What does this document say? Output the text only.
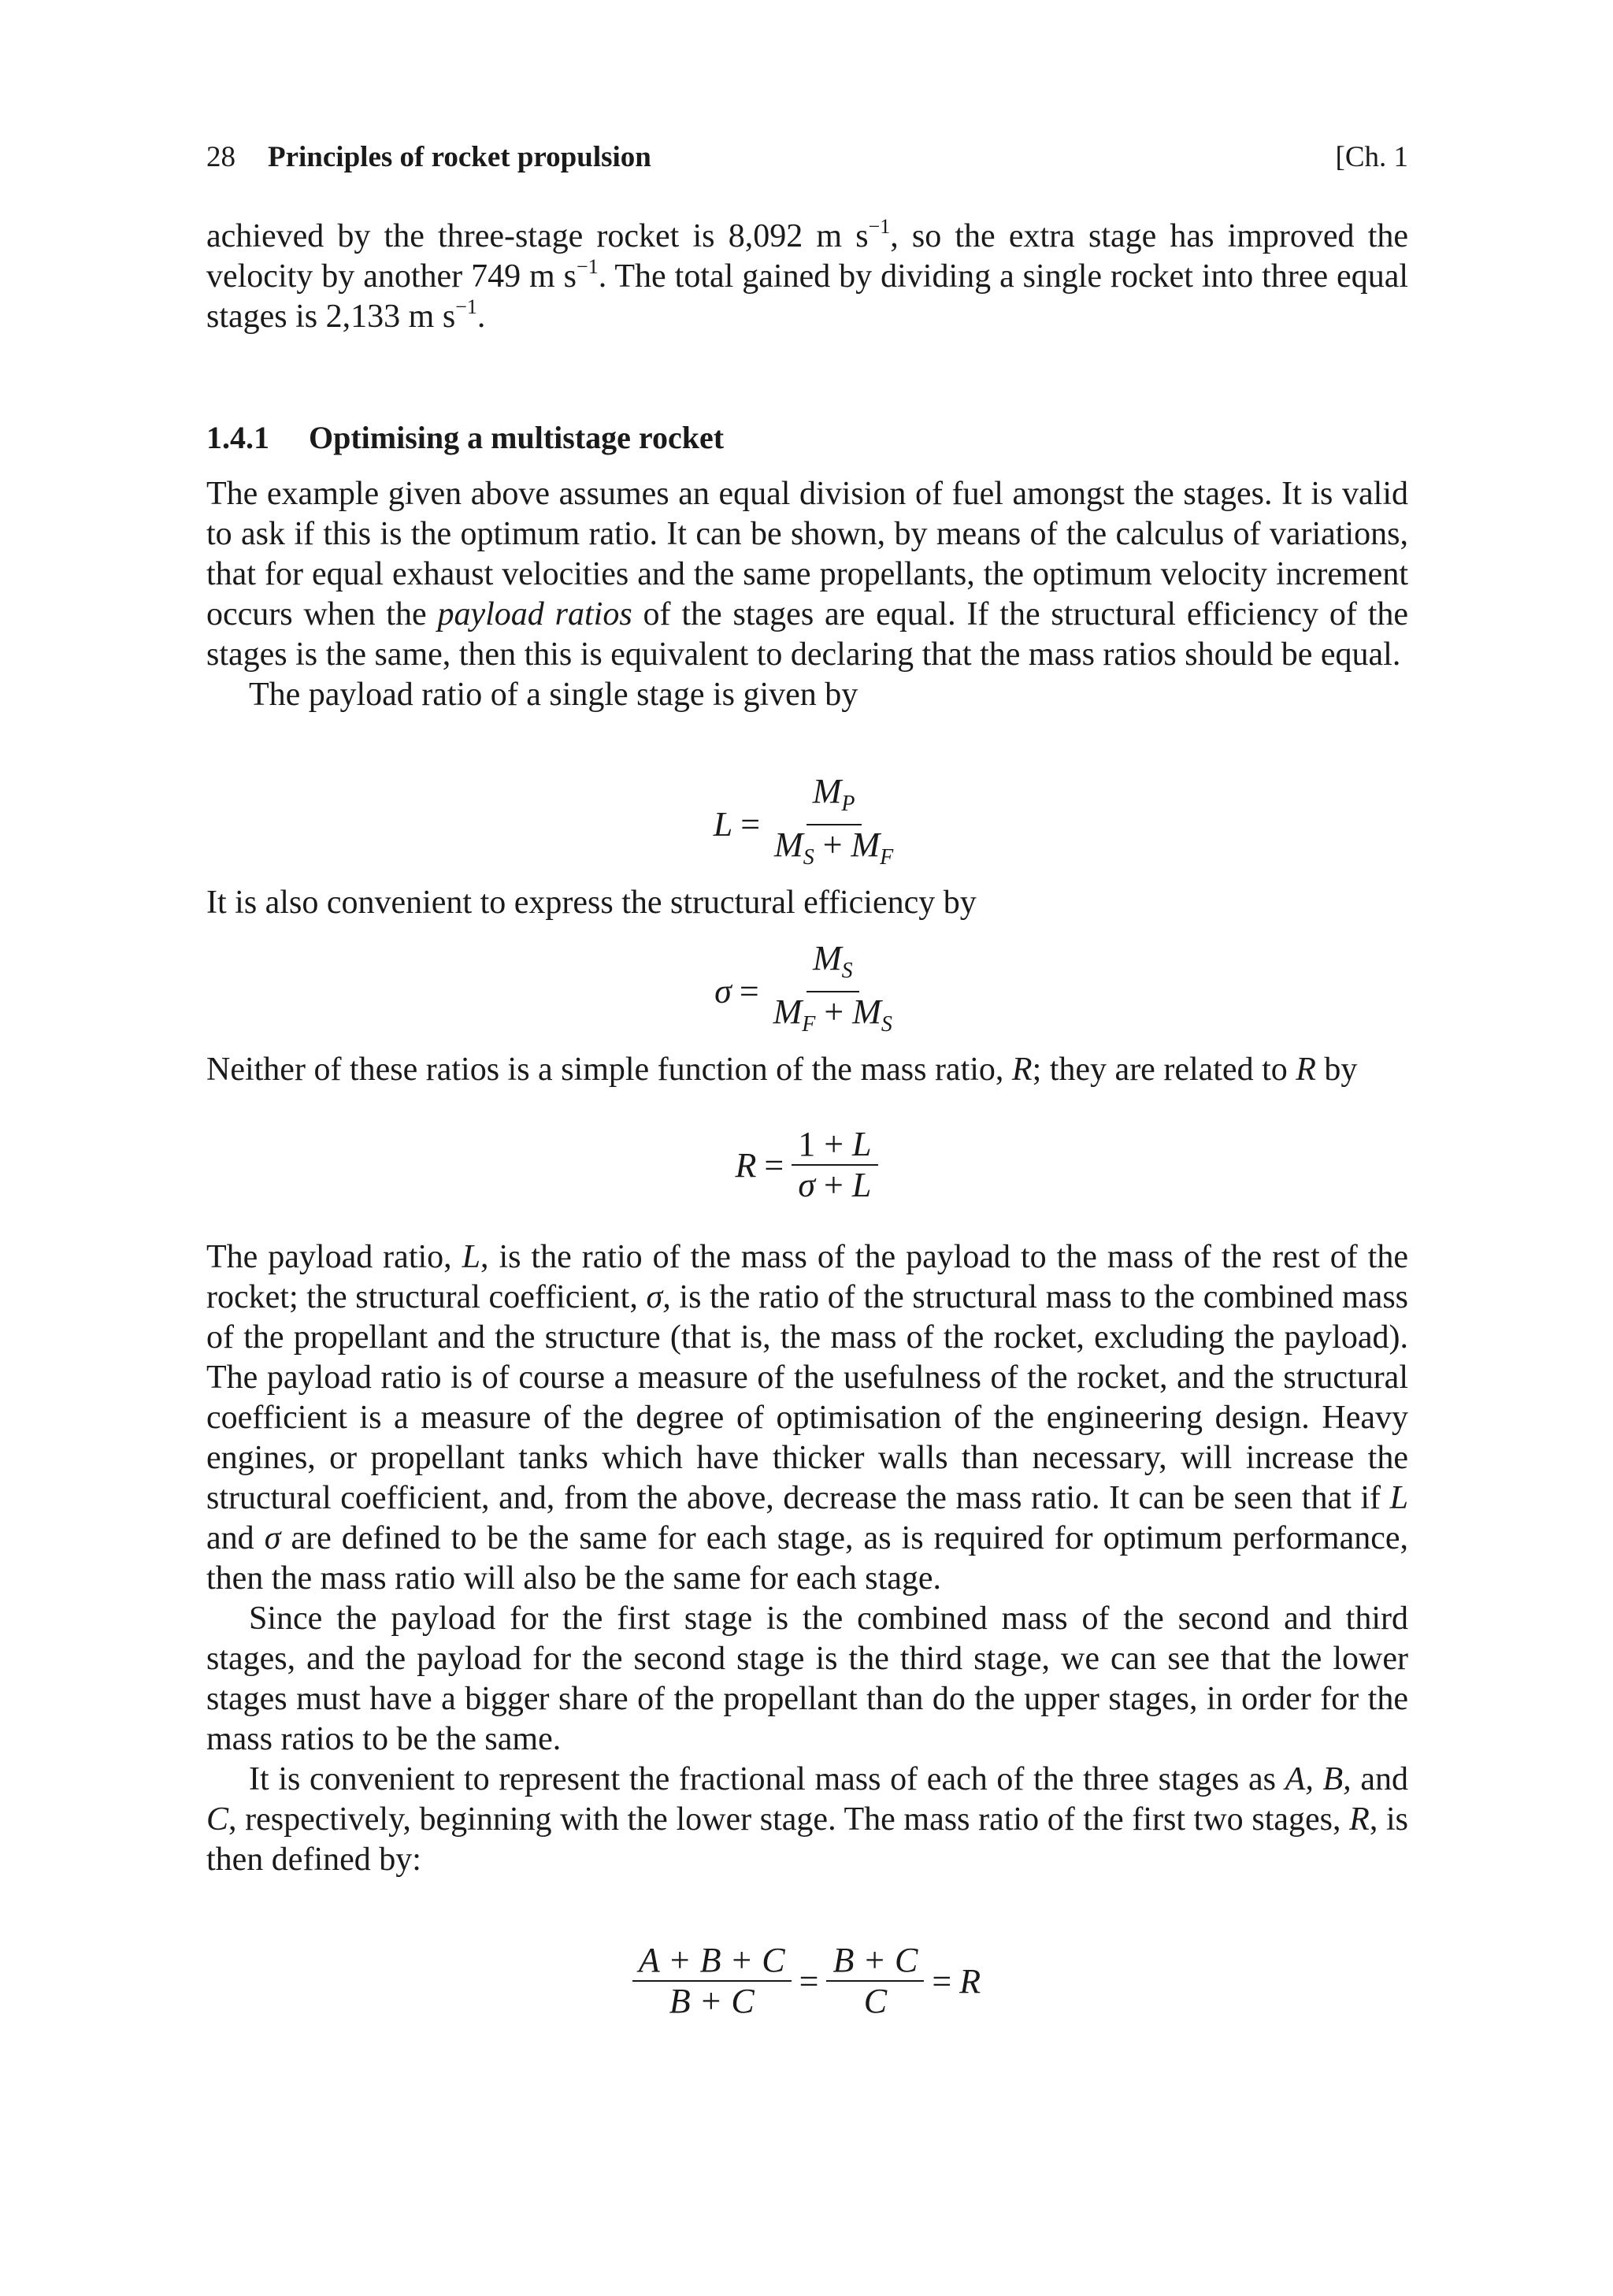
28 Principles of rocket propulsion	[Ch. 1

achieved by the three-stage rocket is 8,092 m $s^{-1}$, so the extra stage has improved the velocity by another 749 m $s^{-1}$. The total gained by dividing a single rocket into three equal stages is 2,133 m $s^{-1}$.

1.4.1 Optimising a multistage rocket

The example given above assumes an equal division of fuel amongst the stages. It is valid to ask if this is the optimum ratio. It can be shown, by means of the calculus of variations, that for equal exhaust velocities and the same propellants, the optimum velocity increment occurs when the payload ratios of the stages are equal. If the structural efficiency of the stages is the same, then this is equivalent to declaring that the mass ratios should be equal.

The payload ratio of a single stage is given by

$L = \frac{M_P}{M_S + M_F}$

It is also convenient to express the structural efficiency by

$\sigma = \frac{M_S}{M_F + M_S}$

Neither of these ratios is a simple function of the mass ratio, R; they are related to R by

$R = \frac{1 + L}{\sigma + L}$

The payload ratio, L, is the ratio of the mass of the payload to the mass of the rest of the rocket; the structural coefficient, σ, is the ratio of the structural mass to the combined mass of the propellant and the structure (that is, the mass of the rocket, excluding the payload). The payload ratio is of course a measure of the usefulness of the rocket, and the structural coefficient is a measure of the degree of optimisation of the engineering design. Heavy engines, or propellant tanks which have thicker walls than necessary, will increase the structural coefficient, and, from the above, decrease the mass ratio. It can be seen that if L and σ are defined to be the same for each stage, as is required for optimum performance, then the mass ratio will also be the same for each stage.

Since the payload for the first stage is the combined mass of the second and third stages, and the payload for the second stage is the third stage, we can see that the lower stages must have a bigger share of the propellant than do the upper stages, in order for the mass ratios to be the same.

It is convenient to represent the fractional mass of each of the three stages as A, B, and C, respectively, beginning with the lower stage. The mass ratio of the first two stages, R, is then defined by:

$\frac{A + B + C}{B + C} = \frac{B + C}{C} = R$
